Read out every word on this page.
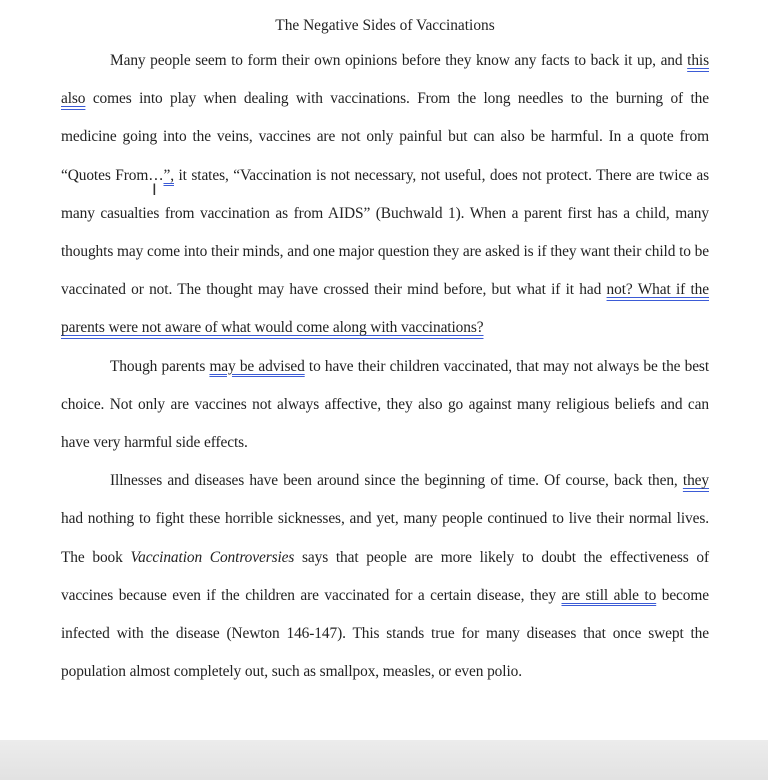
The Negative Sides of Vaccinations

Many people seem to form their own opinions before they know any facts to back it up, and this also comes into play when dealing with vaccinations. From the long needles to the burning of the medicine going into the veins, vaccines are not only painful but can also be harmful. In a quote from “Quotes From…”, it states, “Vaccination is not necessary, not useful, does not protect. There are twice as many casualties from vaccination as from AIDS” (Buchwald 1). When a parent first has a child, many thoughts may come into their minds, and one major question they are asked is if they want their child to be vaccinated or not. The thought may have crossed their mind before, but what if it had not? What if the parents were not aware of what would come along with vaccinations?

Though parents may be advised to have their children vaccinated, that may not always be the best choice. Not only are vaccines not always affective, they also go against many religious beliefs and can have very harmful side effects.

Illnesses and diseases have been around since the beginning of time. Of course, back then, they had nothing to fight these horrible sicknesses, and yet, many people continued to live their normal lives. The book Vaccination Controversies says that people are more likely to doubt the effectiveness of vaccines because even if the children are vaccinated for a certain disease, they are still able to become infected with the disease (Newton 146-147). This stands true for many diseases that once swept the population almost completely out, such as smallpox, measles, or even polio.

I
